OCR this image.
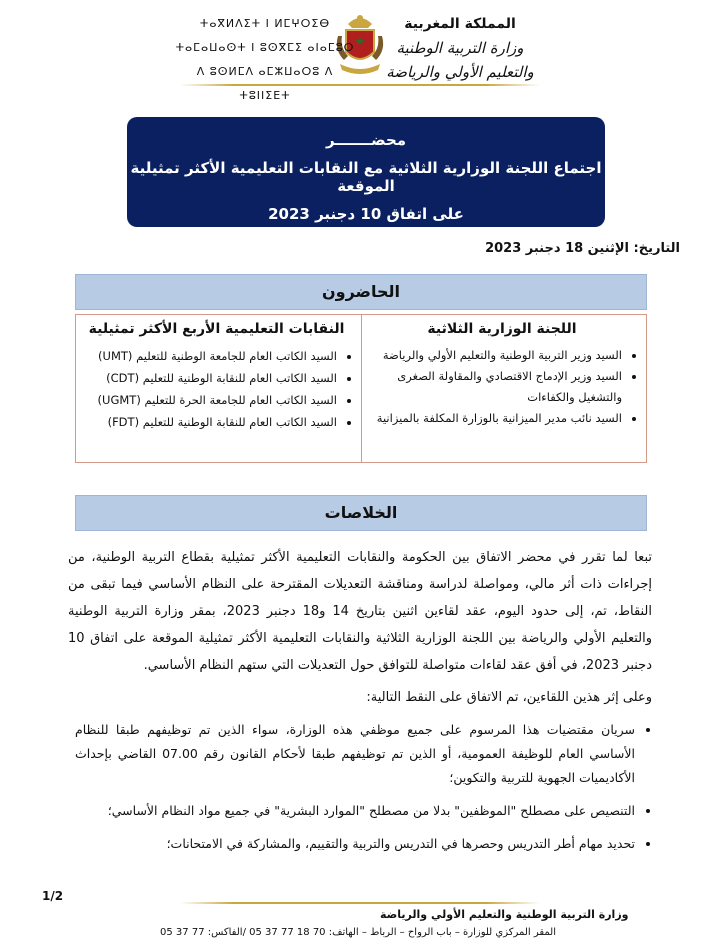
المملكة المغربية
وزارة التربية الوطنية
والتعليم الأولي والرياضة
ⵜⴰⴳⵍⴷⵉⵜ ⵏ ⵍⵎⵖⵔⵉⴱ
ⵜⴰⵎⴰⵡⴰⵙⵜ ⵏ ⵓⵙⴳⵎⵉ ⴰⵏⴰⵎⵓⵔ
ⴷ ⵓⵙⵍⵎⴷ ⴰⵎⵣⵡⴰⵔⵓ ⴷ ⵜⵓⵏⵏⵉⴹⵜ
محضـــــــر
اجتماع اللجنة الوزارية الثلاثية مع النقابات التعليمية الأكثر تمثيلية الموقعة
على اتفاق 10 دجنبر 2023
التاريخ: الإثنين 18 دجنبر 2023
الحاضرون
اللجنة الوزارية الثلاثية
• السيد وزير التربية الوطنية والتعليم الأولي والرياضة
• السيد وزير الإدماج الاقتصادي والمقاولة الصغرى والتشغيل والكفاءات
• السيد نائب مدير الميزانية بالوزارة المكلفة بالميزانية
النقابات التعليمية الأربع الأكثر تمثيلية
• السيد الكاتب العام للجامعة الوطنية للتعليم (UMT)
• السيد الكاتب العام للنقابة الوطنية للتعليم (CDT)
• السيد الكاتب العام للجامعة الحرة للتعليم (UGMT)
• السيد الكاتب العام للنقابة الوطنية للتعليم (FDT)
الخلاصات
تبعا لما تقرر في محضر الاتفاق بين الحكومة والنقابات التعليمية الأكثر تمثيلية بقطاع التربية الوطنية، من إجراءات ذات أثر مالي، ومواصلة لدراسة ومناقشة التعديلات المقترحة على النظام الأساسي فيما تبقى من النقاط، تم، إلى حدود اليوم، عقد لقاءين اثنين بتاريخ 14 و18 دجنبر 2023، بمقر وزارة التربية الوطنية والتعليم الأولي والرياضة بين اللجنة الوزارية الثلاثية والنقابات التعليمية الأكثر تمثيلية الموقعة على اتفاق 10 دجنبر 2023، في أفق عقد لقاءات متواصلة للتوافق حول التعديلات التي ستهم النظام الأساسي.
وعلى إثر هذين اللقاءين، تم الاتفاق على النقط التالية:
• سريان مقتضيات هذا المرسوم على جميع موظفي هذه الوزارة، سواء الذين تم توظيفهم طبقا للنظام الأساسي العام للوظيفة العمومية، أو الذين تم توظيفهم طبقا لأحكام القانون رقم 07.00 القاضي بإحداث الأكاديميات الجهوية للتربية والتكوين؛
• التنصيص على مصطلح "الموظفين" بدلا من مصطلح "الموارد البشرية" في جميع مواد النظام الأساسي؛
• تحديد مهام أطر التدريس وحصرها في التدريس والتربية والتقييم، والمشاركة في الامتحانات؛
1/2
وزارة التربية الوطنية والتعليم الأولي والرياضة
المقر المركزي للوزارة – باب الرواح – الرباط – الهاتف: 70 18 77 37 05 /الفاكس: 77 37 05
